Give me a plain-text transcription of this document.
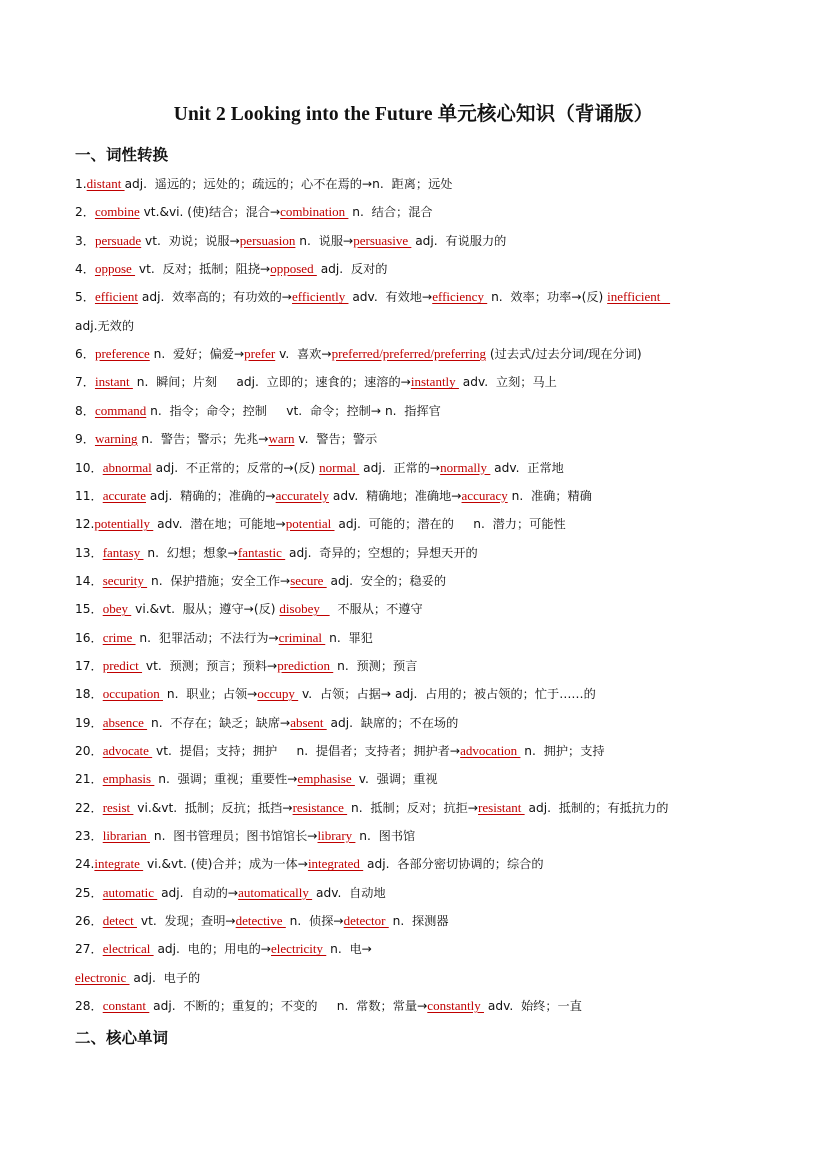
Unit 2 Looking into the Future 单元核心知识（背诵版）
一、词性转换
1.distant adj.  遥远的；远处的；疏远的；心不在焉的→n.  距离；远处
2．combine vt.&vi. (使)结合；混合→combination  n.  结合；混合
3．persuade vt.  劝说；说服→persuasion n.  说服→persuasive  adj.  有说服力的
4．oppose  vt.  反对；抵制；阻挠→opposed  adj.  反对的
5．efficient adj.  效率高的；有功效的→efficiently  adv.  有效地→efficiency  n.  效率；功率→(反) inefficient
adj.无效的
6．preference n.  爱好；偏爱→prefer v.  喜欢→preferred/preferred/preferring (过去式/过去分词/现在分词)
7．instant  n.  瞬间；片刻     adj.  立即的；速食的；速溶的→instantly  adv.  立刻；马上
8．command n.  指令；命令；控制     vt.  命令；控制→ n.  指挥官
9．warning n.  警告；警示；先兆→warn v.  警告；警示
10．abnormal adj.  不正常的；反常的→(反) normal  adj.  正常的→normally  adv.  正常地
11．accurate adj.  精确的；准确的→accurately adv.  精确地；准确地→accuracy n.  准确；精确
12.potentially  adv.  潜在地；可能地→potential  adj.  可能的；潜在的     n.  潜力；可能性
13．fantasy  n.  幻想；想象→fantastic  adj.  奇异的；空想的；异想天开的
14．security  n.  保护措施；安全工作→secure  adj.  安全的；稳妥的
15．obey  vi.&vt.  服从；遵守→(反) disobey     不服从；不遵守
16．crime  n.  犯罪活动；不法行为→criminal  n.  罪犯
17．predict  vt.  预测；预言；预料→prediction  n.  预测；预言
18．occupation  n.  职业；占领→occupy  v.  占领；占据→ adj.  占用的；被占领的；忙于……的
19．absence  n.  不存在；缺乏；缺席→absent  adj.  缺席的；不在场的
20．advocate  vt.  提倡；支持；拥护     n.  提倡者；支持者；拥护者→advocation  n.  拥护；支持
21．emphasis  n.  强调；重视；重要性→emphasise  v.  强调；重视
22．resist  vi.&vt.  抵制；反抗；抵挡→resistance  n.  抵制；反对；抗拒→resistant  adj.  抵制的；有抵抗力的
23．librarian  n.  图书管理员；图书馆馆长→library  n.  图书馆
24.integrate  vi.&vt. (使)合并；成为一体→integrated  adj.  各部分密切协调的；综合的
25．automatic  adj.  自动的→automatically  adv.  自动地
26．detect  vt.  发现；查明→detective  n.  侦探→detector  n.  探测器
27．electrical  adj.  电的；用电的→electricity  n.  电→
electronic  adj.  电子的
28．constant  adj.  不断的；重复的；不变的     n.  常数；常量→constantly  adv.  始终；一直
二、核心单词
